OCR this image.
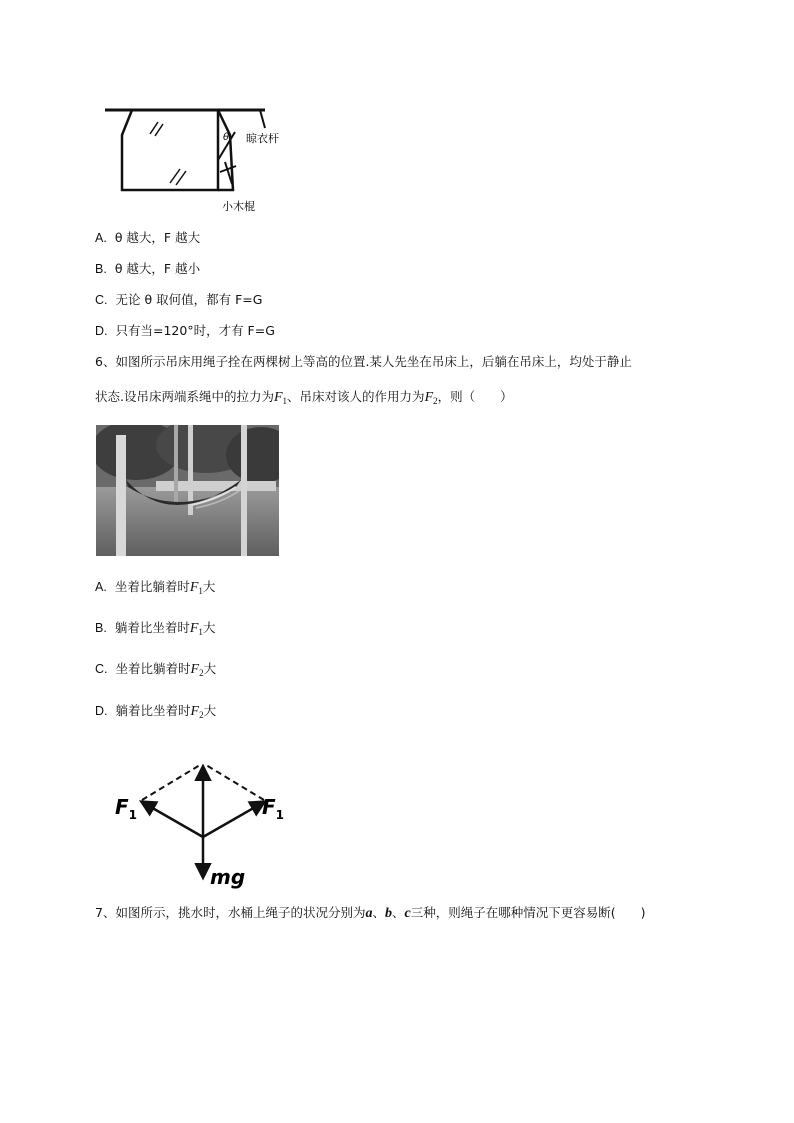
θ 晾衣杆
小木棍
A. θ 越大，F 越大
B. θ 越大，F 越小
C. 无论 θ 取何值，都有 F=G
D. 只有当=120°时，才有 F=G
6、如图所示吊床用绳子拴在两棵树上等高的位置.某人先坐在吊床上，后躺在吊床上，均处于静止
状态.设吊床两端系绳中的拉力为$F_1$、吊床对该人的作用力为$F_2$，则（　　）
A. 坐着比躺着时$F_1$大
B. 躺着比坐着时$F_1$大
C. 坐着比躺着时$F_2$大
D. 躺着比坐着时$F_2$大
$F_1$	$F_1$
mg
7、如图所示，挑水时，水桶上绳子的状况分别为a、b、c三种，则绳子在哪种情况下更容易断(　　)
